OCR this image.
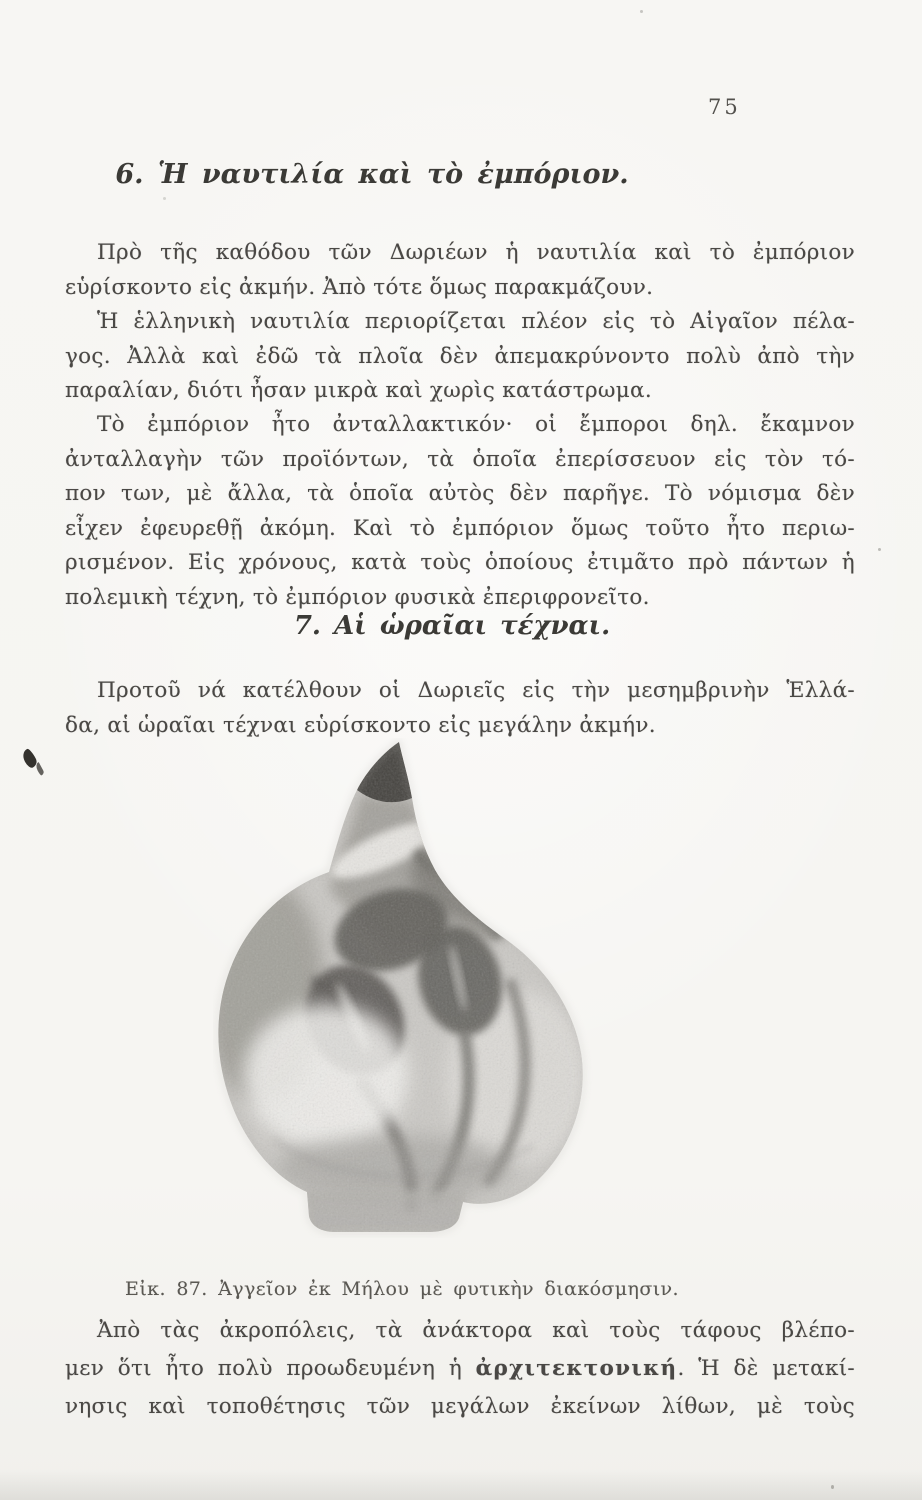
75
6. Ἡ ναυτιλία καὶ τὸ ἐμπόριον.
Πρὸ τῆς καθόδου τῶν Δωριέων ἡ ναυτιλία καὶ τὸ ἐμπόριον
εὑρίσκοντο εἰς ἀκμήν. Ἀπὸ τότε ὅμως παρακμάζουν.
Ἡ ἑλληνικὴ ναυτιλία περιορίζεται πλέον εἰς τὸ Αἰγαῖον πέλα-
γος. Ἀλλὰ καὶ ἐδῶ τὰ πλοῖα δὲν ἀπεμακρύνοντο πολὺ ἀπὸ τὴν
παραλίαν, διότι ἦσαν μικρὰ καὶ χωρὶς κατάστρωμα.
Τὸ ἐμπόριον ἦτο ἀνταλλακτικόν· οἱ ἔμποροι δηλ. ἔκαμνον
ἀνταλλαγὴν τῶν προϊόντων, τὰ ὁποῖα ἐπερίσσευον εἰς τὸν τό-
πον των, μὲ ἄλλα, τὰ ὁποῖα αὐτὸς δὲν παρῆγε. Τὸ νόμισμα δὲν
εἶχεν ἐφευρεθῇ ἀκόμη. Καὶ τὸ ἐμπόριον ὅμως τοῦτο ἦτο περιω-
ρισμένον. Εἰς χρόνους, κατὰ τοὺς ὁποίους ἐτιμᾶτο πρὸ πάντων ἡ
πολεμικὴ τέχνη, τὸ ἐμπόριον φυσικὰ ἐπεριφρονεῖτο.
7. Αἱ ὡραῖαι τέχναι.
Προτοῦ νά κατέλθουν οἱ Δωριεῖς εἰς τὴν μεσημβρινὴν Ἑλλά-
δα, αἱ ὡραῖαι τέχναι εὑρίσκοντο εἰς μεγάλην ἀκμήν.
Εἰκ. 87. Ἀγγεῖον ἐκ Μήλου μὲ φυτικὴν διακόσμησιν.
Ἀπὸ τὰς ἀκροπόλεις, τὰ ἀνάκτορα καὶ τοὺς τάφους βλέπο-
μεν ὅτι ἦτο πολὺ προωδευμένη ἡ ἀρχιτεκτονική. Ἡ δὲ μετακί-
νησις καὶ τοποθέτησις τῶν μεγάλων ἐκείνων λίθων, μὲ τοὺς
